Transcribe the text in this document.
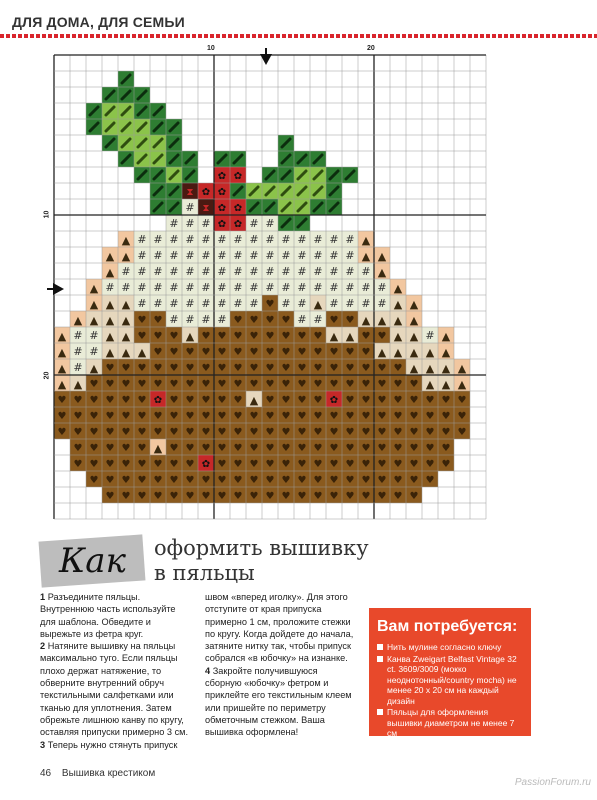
ДЛЯ ДОМА, ДЛЯ СЕМЬИ
10	20
10
20
✿ ✿
⧗ ✿ ✿
# ⧗ ✿ ✿
# # # ✿ ✿ # #
▲ # # # # # # # # # # # # # # ▲
▲ ▲ # # # # # # # # # # # # # # ▲ ▲
▲ # # # # # # # # # # # # # # # # ▲
▲ # # # # # # # # # # # # # # # # # # ▲
▲ ▲ ▲ # # # # # # # # ♥ # # ▲ # # # # ▲ ▲
▲ ▲ ▲ ▲ ♥ ♥ # # # # ♥ ♥ ♥ ♥ # # ♥ ♥ ▲ ▲ ▲ ▲
▲ # # ▲ ▲ ♥ ♥ ♥ ▲ ♥ ♥ ♥ ♥ ♥ ♥ ♥ ♥ ▲ ▲ ♥ ♥ ▲ ▲ # ▲
▲ # # ▲ ▲ ▲ ♥ ♥ ♥ ♥ ♥ ♥ ♥ ♥ ♥ ♥ ♥ ♥ ♥ ♥ ▲ ▲ ▲ ▲ ▲
▲ # ▲ ♥ ♥ ♥ ♥ ♥ ♥ ♥ ♥ ♥ ♥ ♥ ♥ ♥ ♥ ♥ ♥ ♥ ♥ ♥ ▲ ▲ ▲ ▲
▲ ▲ ♥ ♥ ♥ ♥ ♥ ♥ ♥ ♥ ♥ ♥ ♥ ♥ ♥ ♥ ♥ ♥ ♥ ♥ ♥ ♥ ♥ ▲ ▲ ▲
♥ ♥ ♥ ♥ ♥ ♥ ✿ ♥ ♥ ♥ ♥ ♥ ▲ ♥ ♥ ♥ ♥ ✿ ♥ ♥ ♥ ♥ ♥ ♥ ♥ ♥
♥ ♥ ♥ ♥ ♥ ♥ ♥ ♥ ♥ ♥ ♥ ♥ ♥ ♥ ♥ ♥ ♥ ♥ ♥ ♥ ♥ ♥ ♥ ♥ ♥ ♥
♥ ♥ ♥ ♥ ♥ ♥ ♥ ♥ ♥ ♥ ♥ ♥ ♥ ♥ ♥ ♥ ♥ ♥ ♥ ♥ ♥ ♥ ♥ ♥ ♥ ♥
♥ ♥ ♥ ♥ ♥ ▲ ♥ ♥ ♥ ♥ ♥ ♥ ♥ ♥ ♥ ♥ ♥ ♥ ♥ ♥ ♥ ♥ ♥ ♥
♥ ♥ ♥ ♥ ♥ ♥ ♥ ♥ ✿ ♥ ♥ ♥ ♥ ♥ ♥ ♥ ♥ ♥ ♥ ♥ ♥ ♥ ♥ ♥
♥ ♥ ♥ ♥ ♥ ♥ ♥ ♥ ♥ ♥ ♥ ♥ ♥ ♥ ♥ ♥ ♥ ♥ ♥ ♥ ♥ ♥
♥ ♥ ♥ ♥ ♥ ♥ ♥ ♥ ♥ ♥ ♥ ♥ ♥ ♥ ♥ ♥ ♥ ♥ ♥ ♥
Как оформить вышивку
в пяльцы

1 Разъедините пяльцы. Внутреннюю часть используйте для шаблона. Обведите и вырежьте из фетра круг.

2 Натяните вышивку на пяльцы максимально туго. Если пяльцы плохо держат натяжение, то обверните внутренний обруч текстильными салфетками или тканью для уплотнения. Затем обрежьте лишнюю канву по кругу, оставляя припуски примерно 3 см.

3 Теперь нужно стянуть припуск

швом «вперед иголку». Для этого отступите от края припуска примерно 1 см, проложите стежки по кругу. Когда дойдете до начала, затяните нитку так, чтобы припуск собрался «в юбочку» на изнанке.

4 Закройте получившуюся сборную «юбочку» фетром и приклейте его текстильным клеем или пришейте по периметру обметочным стежком. Ваша вышивка оформлена!

Вам потребуется:
Нить мулине согласно ключу
Канва Zweigart Belfast Vintage 32 ct. 3609/3009 (мокко неоднотонный/country mocha) не менее 20 х 20 см на каждый дизайн
Пяльцы для оформления вышивки диаметром не менее 7 см
Фетр
46 Вышивка крестиком
PassionForum.ru
